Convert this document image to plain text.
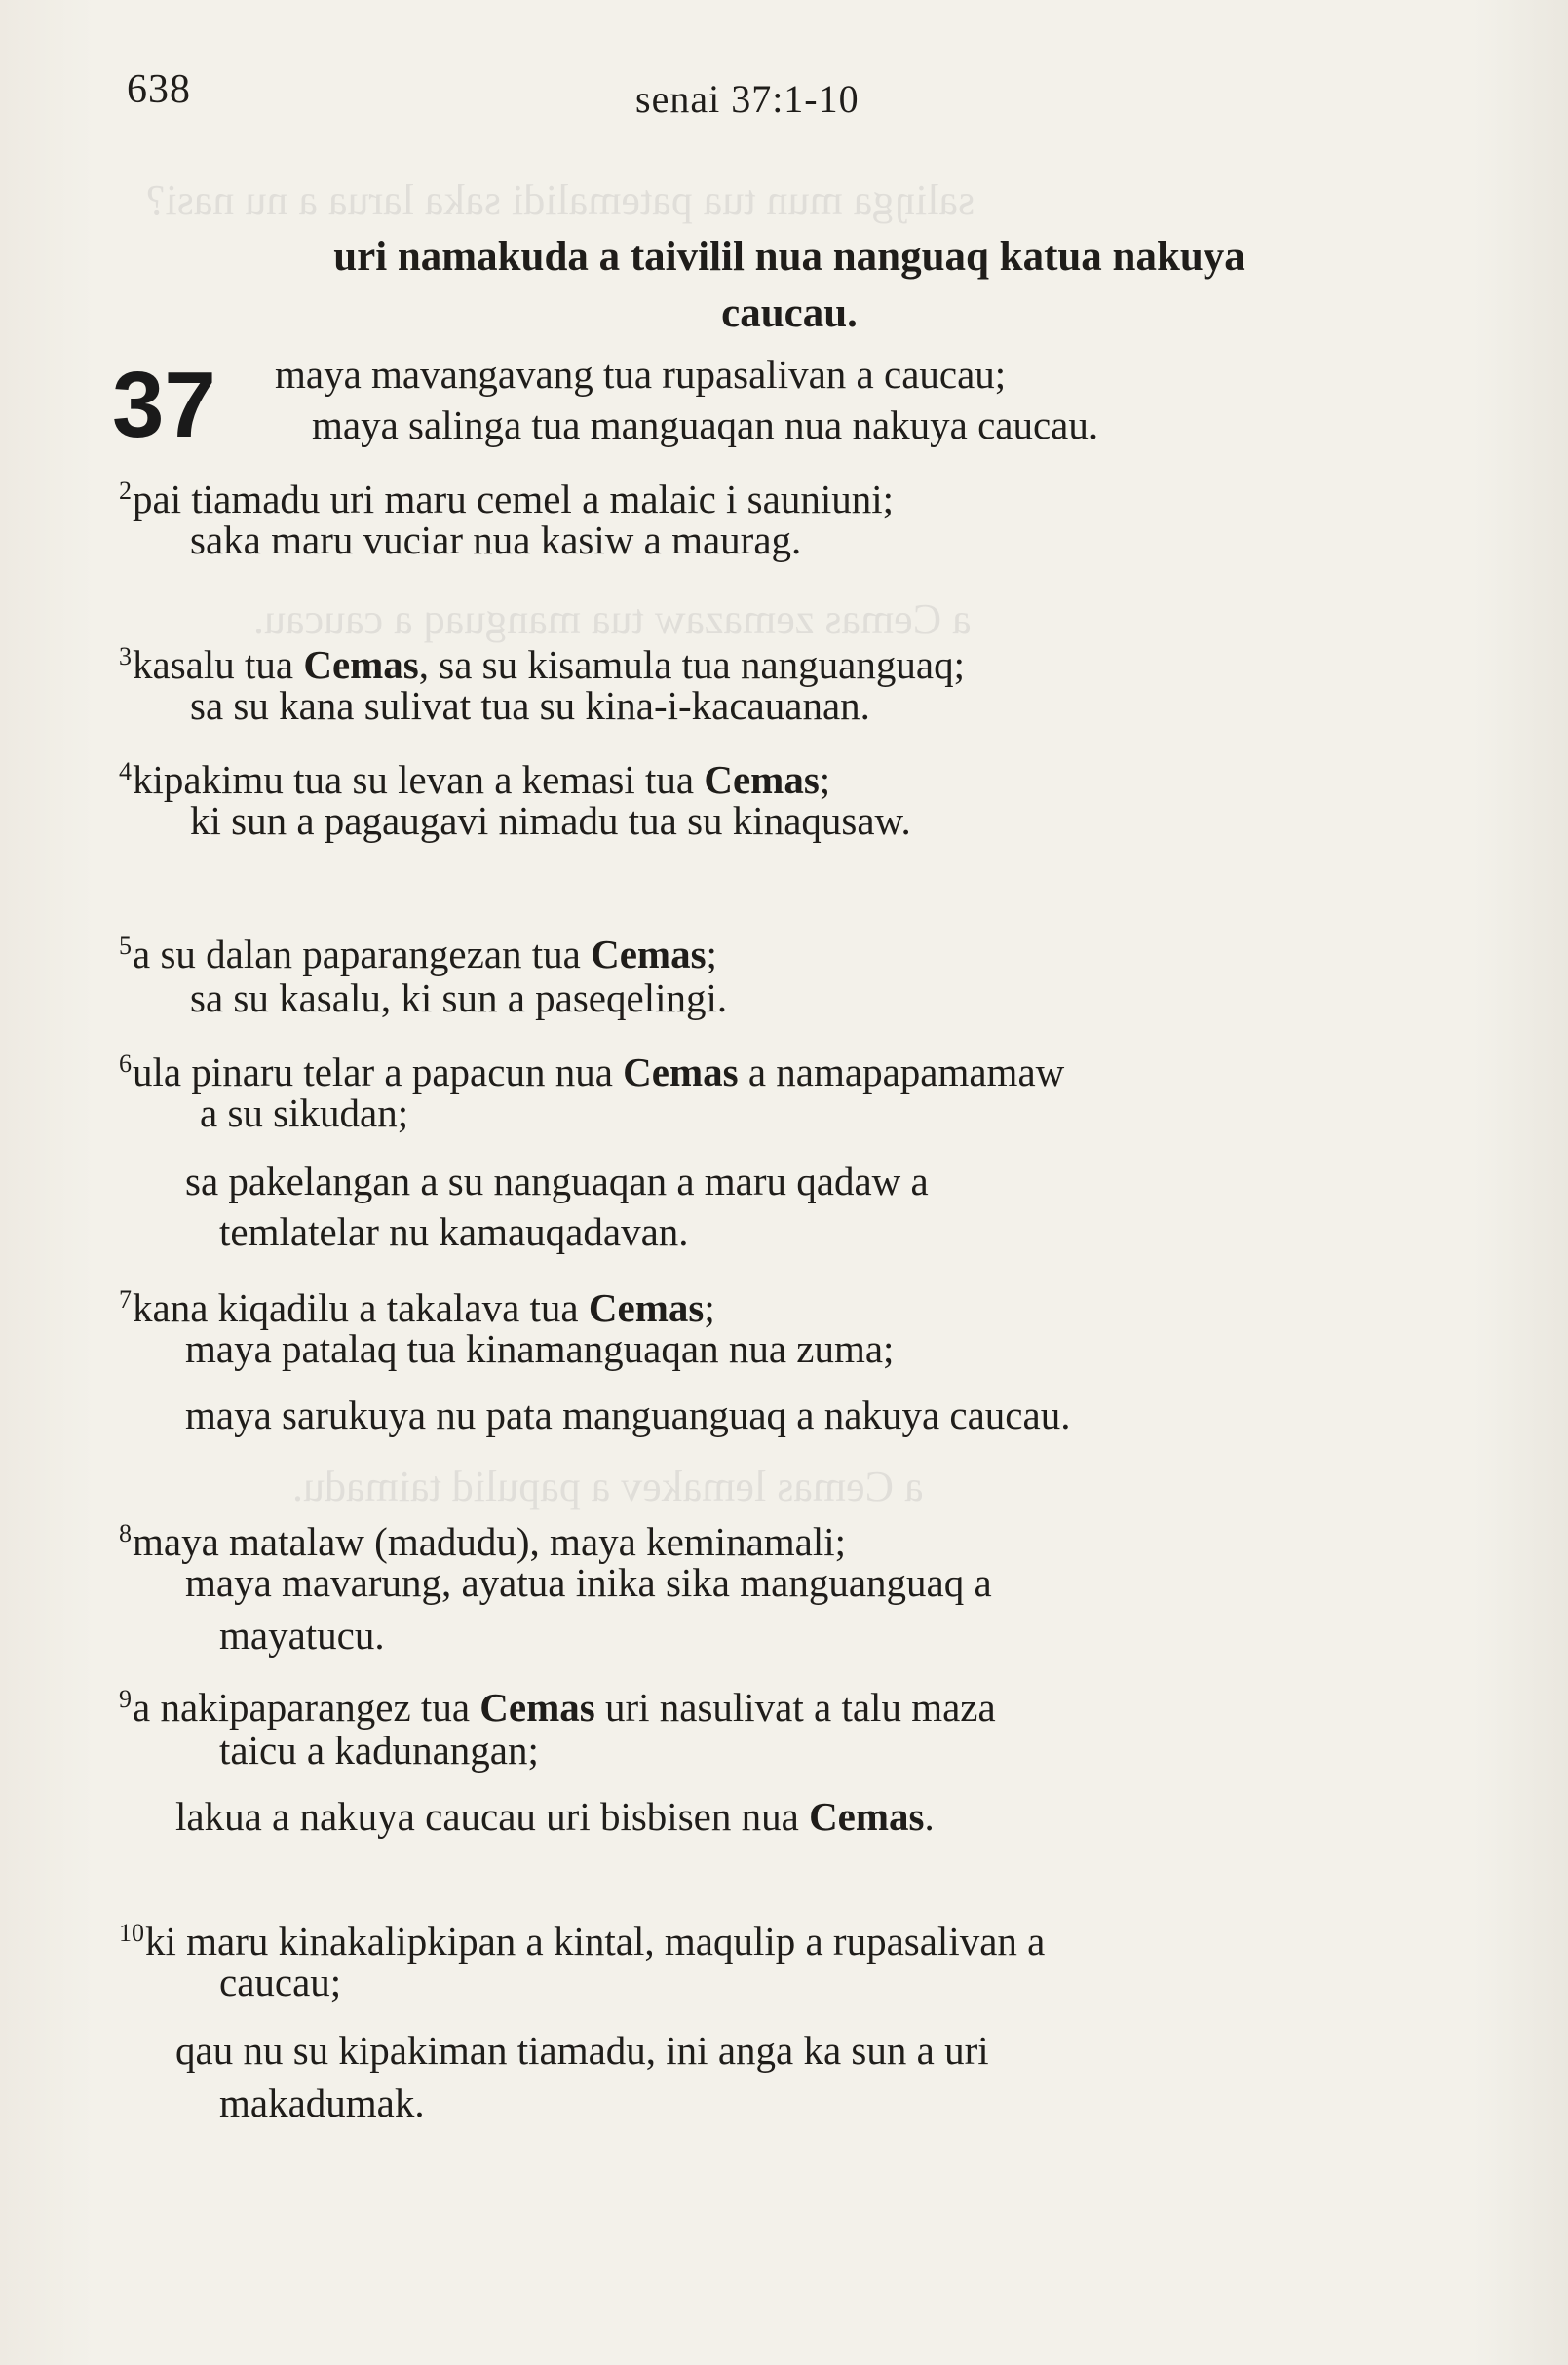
saliŋga mun tua patemalidi saka larua a nu nasi?
a Cemas zemazaw tua manguaq a caucau.
a Cemas lemakev a papulid taimadu.
638	senai 37:1-10
uri namakuda a taivilil nua nanguaq katua nakuya
caucau.
37 maya mavangavang tua rupasalivan a caucau;
maya salinga tua manguaqan nua nakuya caucau.
$^2$pai tiamadu uri maru cemel a malaic i sauniuni;
saka maru vuciar nua kasiw a maurag.
$^3$kasalu tua Cemas, sa su kisamula tua nanguanguaq;
sa su kana sulivat tua su kina-i-kacauanan.
$^4$kipakimu tua su levan a kemasi tua Cemas;
ki sun a pagaugavi nimadu tua su kinaqusaw.
$^5$a su dalan paparangezan tua Cemas;
sa su kasalu, ki sun a paseqelingi.
$^6$ula pinaru telar a papacun nua Cemas a namapapamamaw
a su sikudan;
sa pakelangan a su nanguaqan a maru qadaw a
temlatelar nu kamauqadavan.
$^7$kana kiqadilu a takalava tua Cemas;
maya patalaq tua kinamanguaqan nua zuma;
maya sarukuya nu pata manguanguaq a nakuya caucau.
$^8$maya matalaw (madudu), maya keminamali;
maya mavarung, ayatua inika sika manguanguaq a
mayatucu.
$^9$a nakipaparangez tua Cemas uri nasulivat a talu maza
taicu a kadunangan;
lakua a nakuya caucau uri bisbisen nua Cemas.
$^{10}$ki maru kinakalipkipan a kintal, maqulip a rupasalivan a
caucau;
qau nu su kipakiman tiamadu, ini anga ka sun a uri
makadumak.
